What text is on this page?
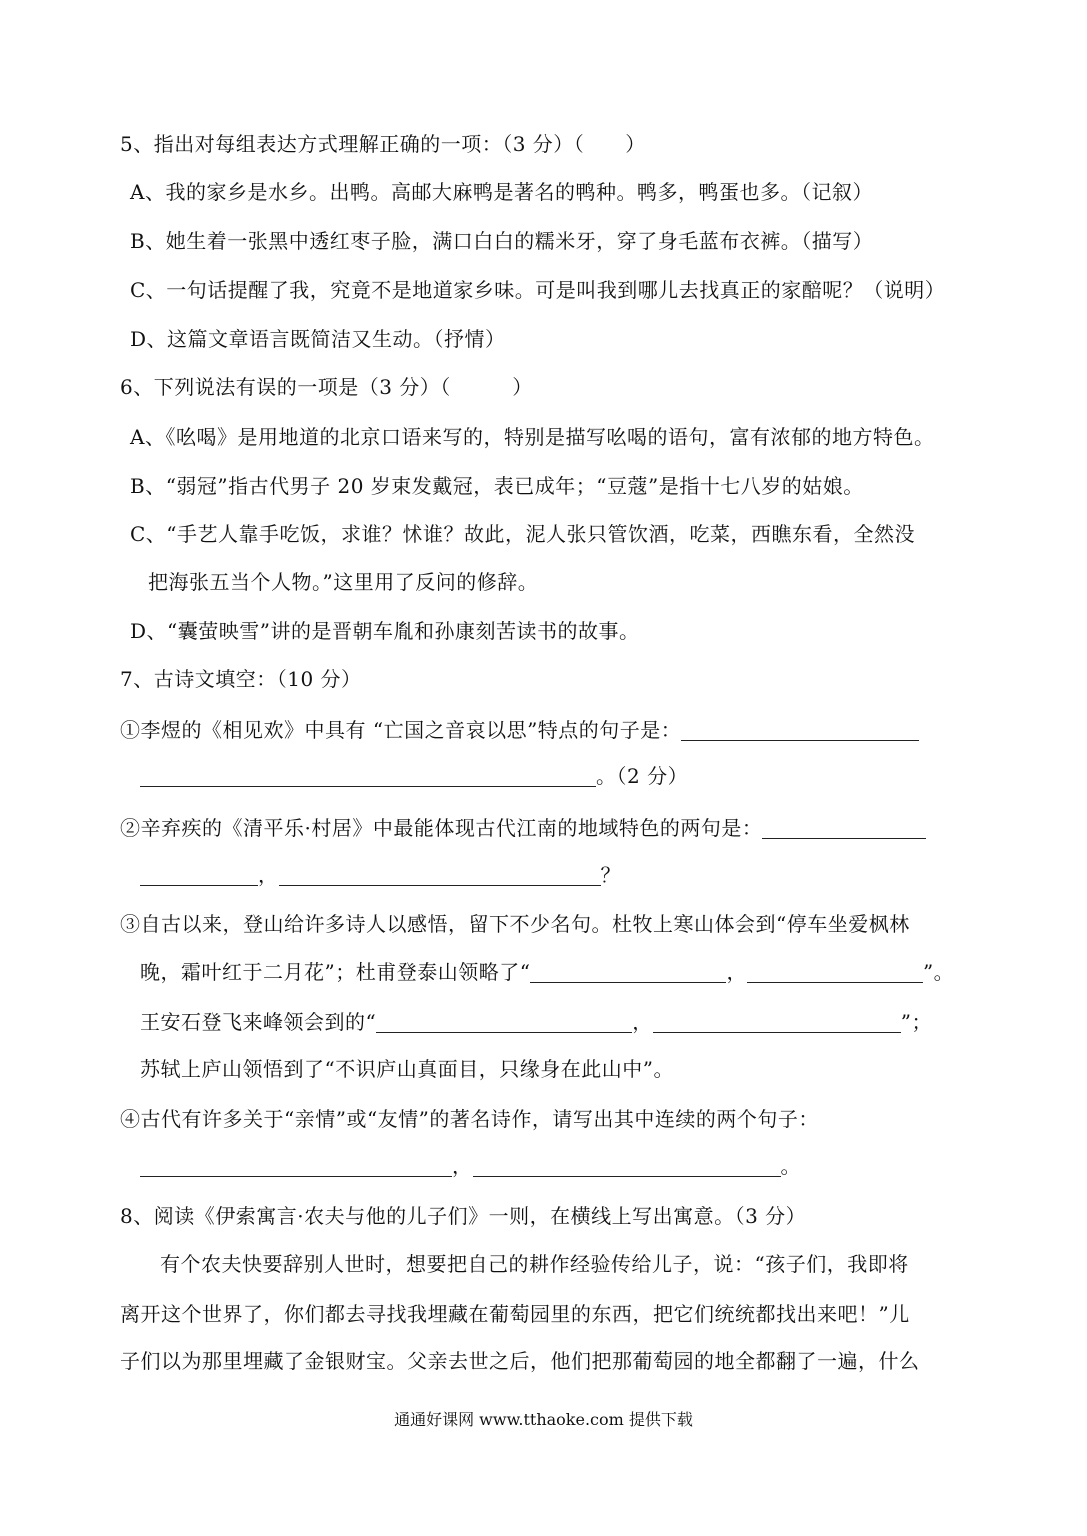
5、指出对每组表达方式理解正确的一项：（3 分）（　　）
A、我的家乡是水乡。出鸭。高邮大麻鸭是著名的鸭种。鸭多，鸭蛋也多。（记叙）
B、她生着一张黑中透红枣子脸，满口白白的糯米牙，穿了身毛蓝布衣裤。（描写）
C、一句话提醒了我，究竟不是地道家乡味。可是叫我到哪儿去找真正的家醅呢？（说明）
D、这篇文章语言既简洁又生动。（抒情）
6、下列说法有误的一项是（3 分）（　　　）
A、《吆喝》是用地道的北京口语来写的，特别是描写吆喝的语句，富有浓郁的地方特色。
B、“弱冠”指古代男子 20 岁束发戴冠，表已成年；“豆蔻”是指十七八岁的姑娘。
C、“手艺人靠手吃饭，求谁？怵谁？故此，泥人张只管饮酒，吃菜，西瞧东看，全然没
把海张五当个人物。”这里用了反问的修辞。
D、“囊萤映雪”讲的是晋朝车胤和孙康刻苦读书的故事。
7、古诗文填空：（10 分）
①李煜的《相见欢》中具有 “亡国之音哀以思”特点的句子是：
。（2 分）
②辛弃疾的《清平乐·村居》中最能体现古代江南的地域特色的两句是：
，	？
③自古以来，登山给许多诗人以感悟，留下不少名句。杜牧上寒山体会到“停车坐爱枫林
晚，霜叶红于二月花”；杜甫登泰山领略了“	，	”。
王安石登飞来峰领会到的“	，	”；
苏轼上庐山领悟到了“不识庐山真面目，只缘身在此山中”。
④古代有许多关于“亲情”或“友情”的著名诗作，请写出其中连续的两个句子：
，	。
8、阅读《伊索寓言·农夫与他的儿子们》一则，在横线上写出寓意。（3 分）
有个农夫快要辞别人世时，想要把自己的耕作经验传给儿子，说：“孩子们，我即将
离开这个世界了，你们都去寻找我埋藏在葡萄园里的东西，把它们统统都找出来吧！”儿
子们以为那里埋藏了金银财宝。父亲去世之后，他们把那葡萄园的地全都翻了一遍，什么
通通好课网 www.tthaoke.com 提供下载
